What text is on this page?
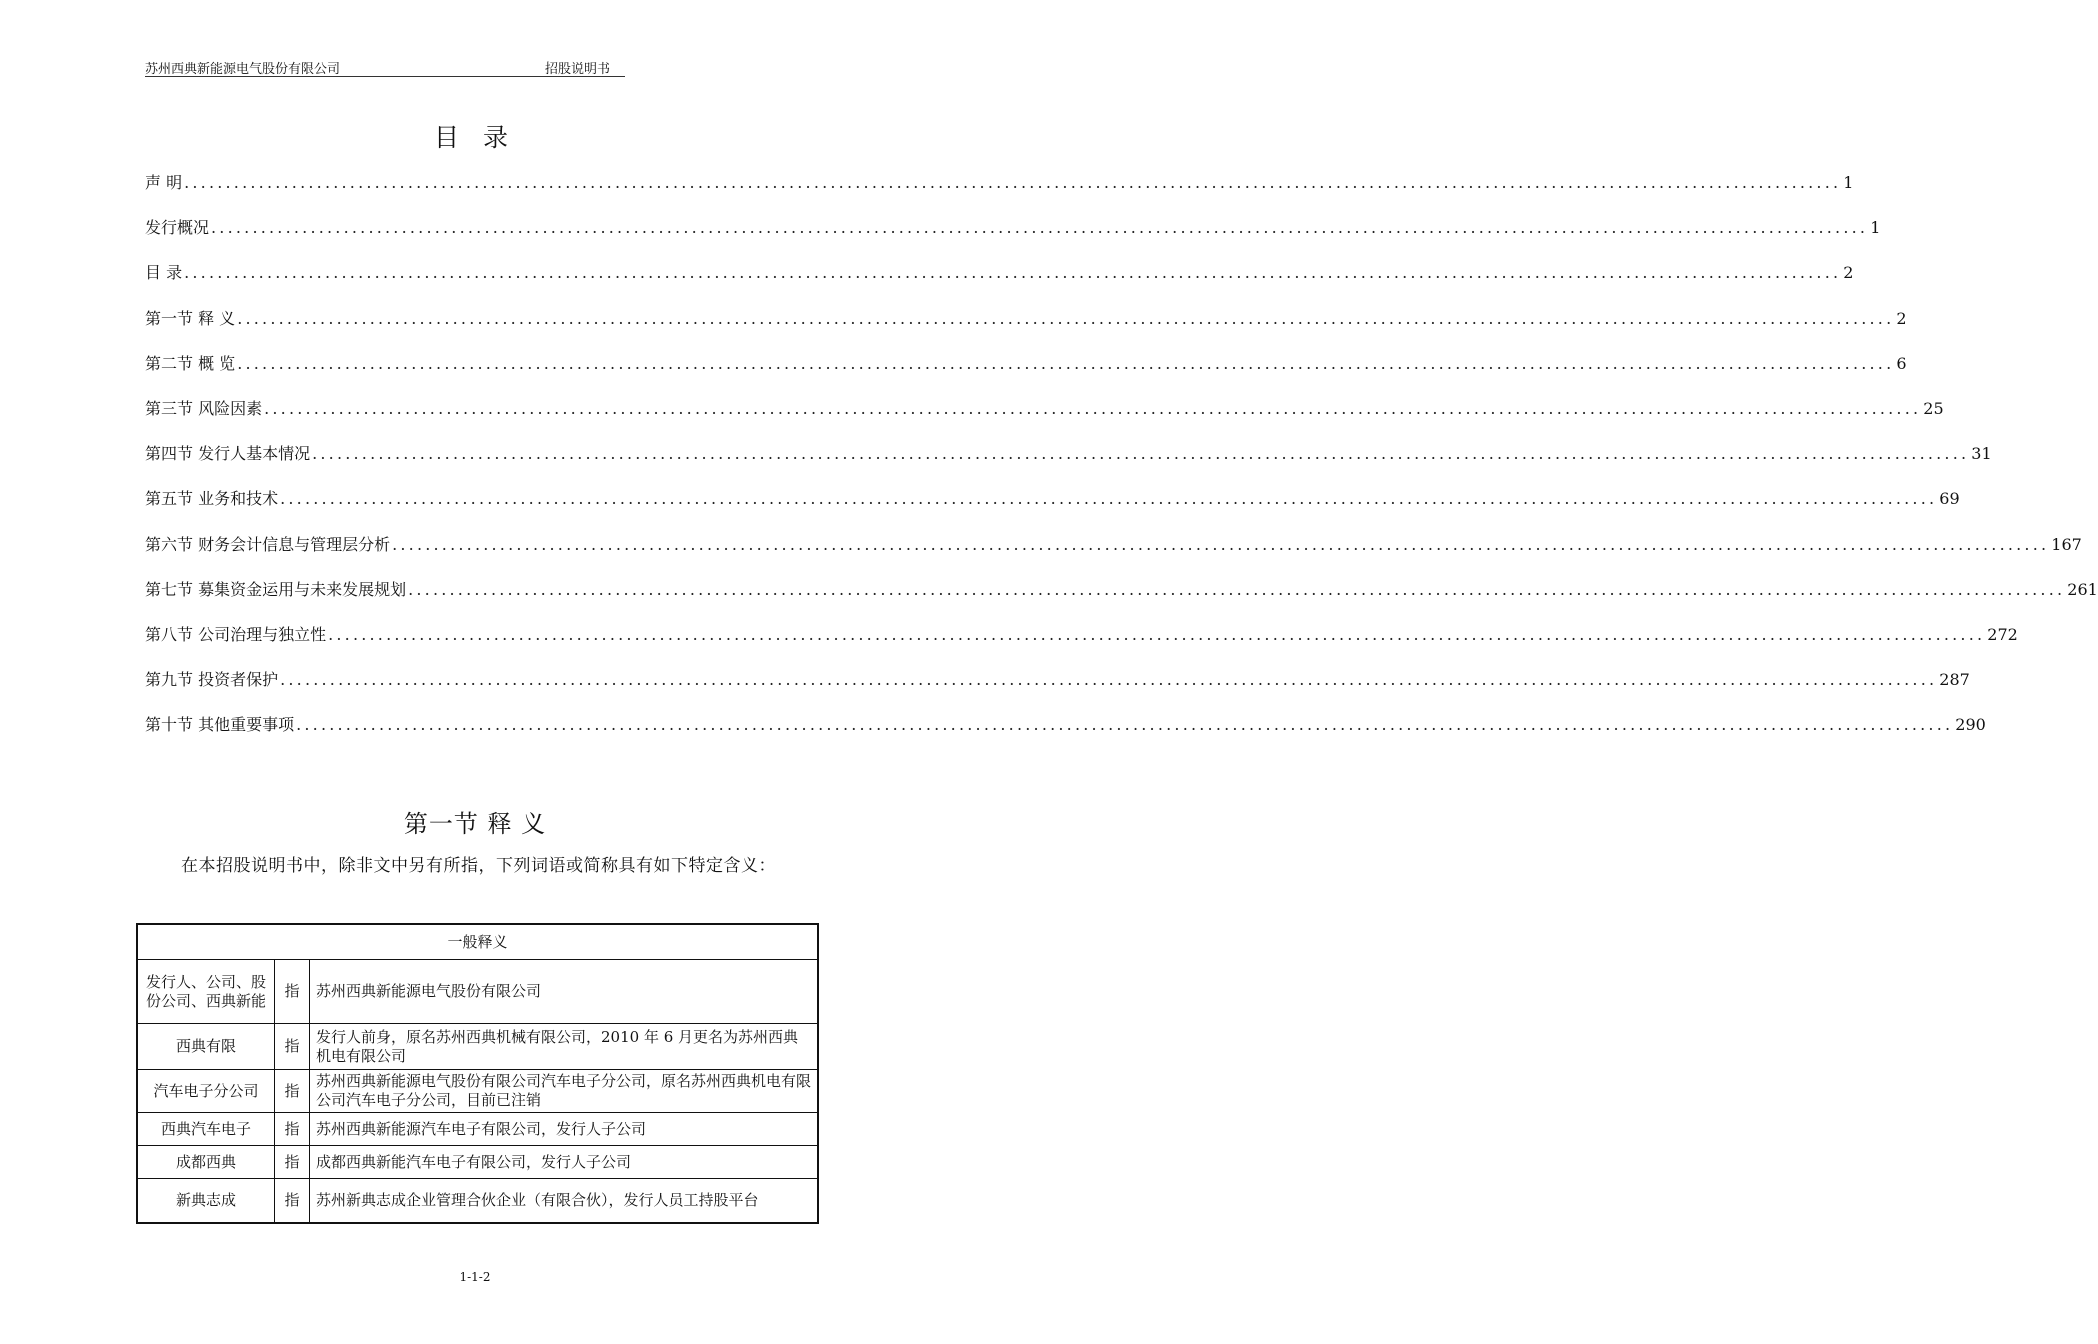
苏州西典新能源电气股份有限公司	招股说明书
目 录
声 明 ........................................................................................................................................................................................................ 1
发行概况 ........................................................................................................................................................................................................ 1
目 录 ........................................................................................................................................................................................................ 2
第一节 释 义 ........................................................................................................................................................................................................ 2
第二节 概 览 ........................................................................................................................................................................................................ 6
第三节 风险因素 ........................................................................................................................................................................................................ 25
第四节 发行人基本情况 ........................................................................................................................................................................................................ 31
第五节 业务和技术 ........................................................................................................................................................................................................ 69
第六节 财务会计信息与管理层分析 ........................................................................................................................................................................................................ 167
第七节 募集资金运用与未来发展规划 ........................................................................................................................................................................................................ 261
第八节 公司治理与独立性 ........................................................................................................................................................................................................ 272
第九节 投资者保护 ........................................................................................................................................................................................................ 287
第十节 其他重要事项 ........................................................................................................................................................................................................ 290
第一节 释 义
在本招股说明书中，除非文中另有所指，下列词语或简称具有如下特定含义：
一般释义		
发行人、公司、股份公司、西典新能	指	苏州西典新能源电气股份有限公司
西典有限	指	发行人前身，原名苏州西典机械有限公司，2010 年 6 月更名为苏州西典机电有限公司
汽车电子分公司	指	苏州西典新能源电气股份有限公司汽车电子分公司，原名苏州西典机电有限公司汽车电子分公司，目前已注销
西典汽车电子	指	苏州西典新能源汽车电子有限公司，发行人子公司
成都西典	指	成都西典新能汽车电子有限公司，发行人子公司
新典志成	指	苏州新典志成企业管理合伙企业（有限合伙），发行人员工持股平台
1-1-2
